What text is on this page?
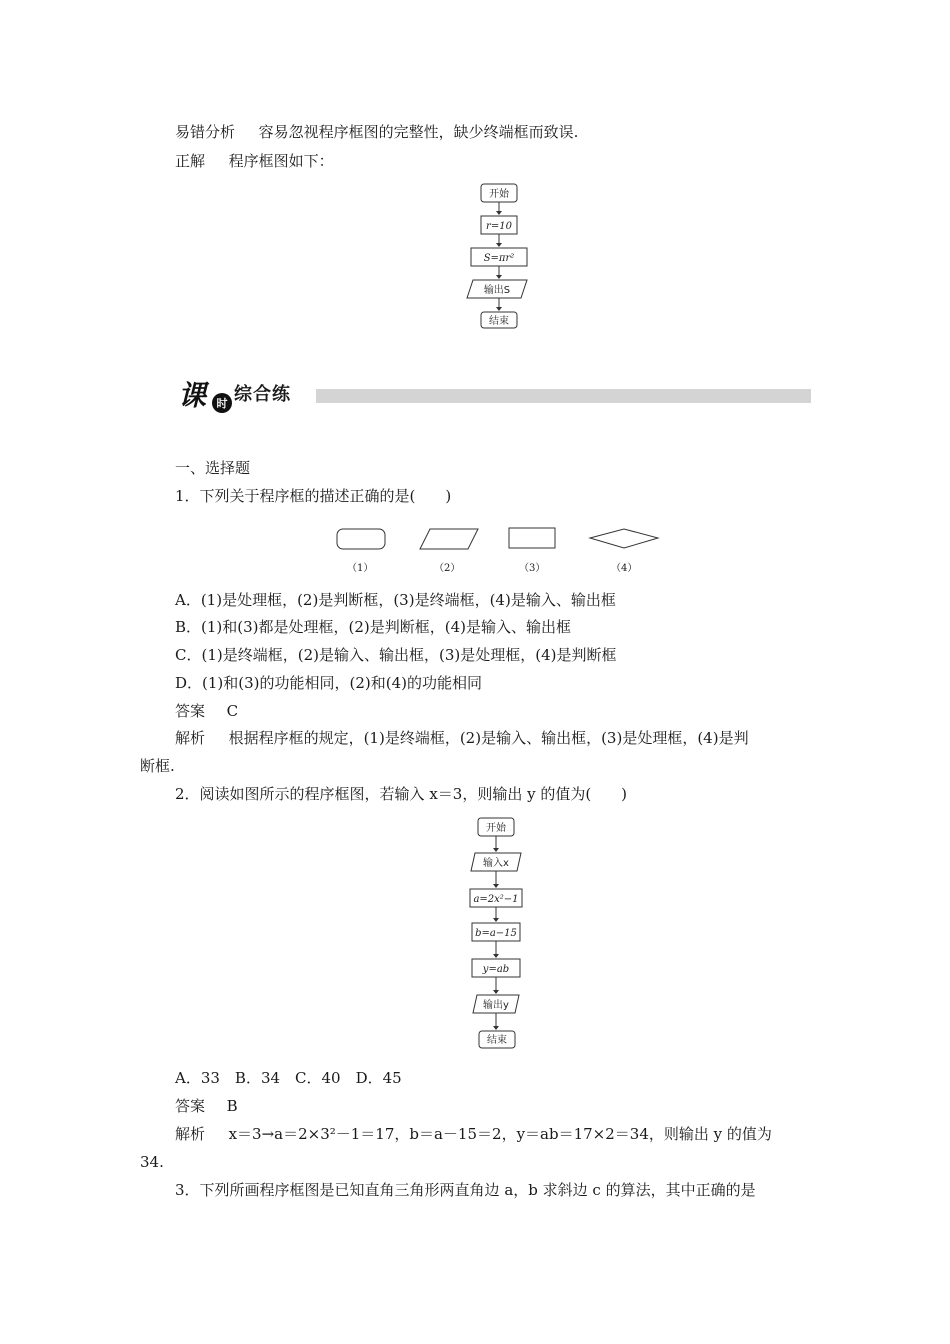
易错分析 容易忽视程序框图的完整性，缺少终端框而致误.
正解 程序框图如下：
开始
r=10
S=πr²
输出S
结束
课 时 综合练
一、选择题
1．下列关于程序框的描述正确的是(　　)
（1）	（2）	（3）	（4）
A．(1)是处理框，(2)是判断框，(3)是终端框，(4)是输入、输出框
B．(1)和(3)都是处理框，(2)是判断框，(4)是输入、输出框
C．(1)是终端框，(2)是输入、输出框，(3)是处理框，(4)是判断框
D．(1)和(3)的功能相同，(2)和(4)的功能相同
答案 C
解析 根据程序框的规定，(1)是终端框，(2)是输入、输出框，(3)是处理框，(4)是判
断框.
2．阅读如图所示的程序框图，若输入 x＝3，则输出 y 的值为(　　)
开始
输入x
a=2x²−1
b=a−15
y=ab
输出y
结束
A．33　B．34　C．40　D．45
答案 B
解析 x＝3→a＝2×3²－1＝17，b＝a－15＝2，y＝ab＝17×2＝34，则输出 y 的值为
34.
3．下列所画程序框图是已知直角三角形两直角边 a，b 求斜边 c 的算法，其中正确的是
